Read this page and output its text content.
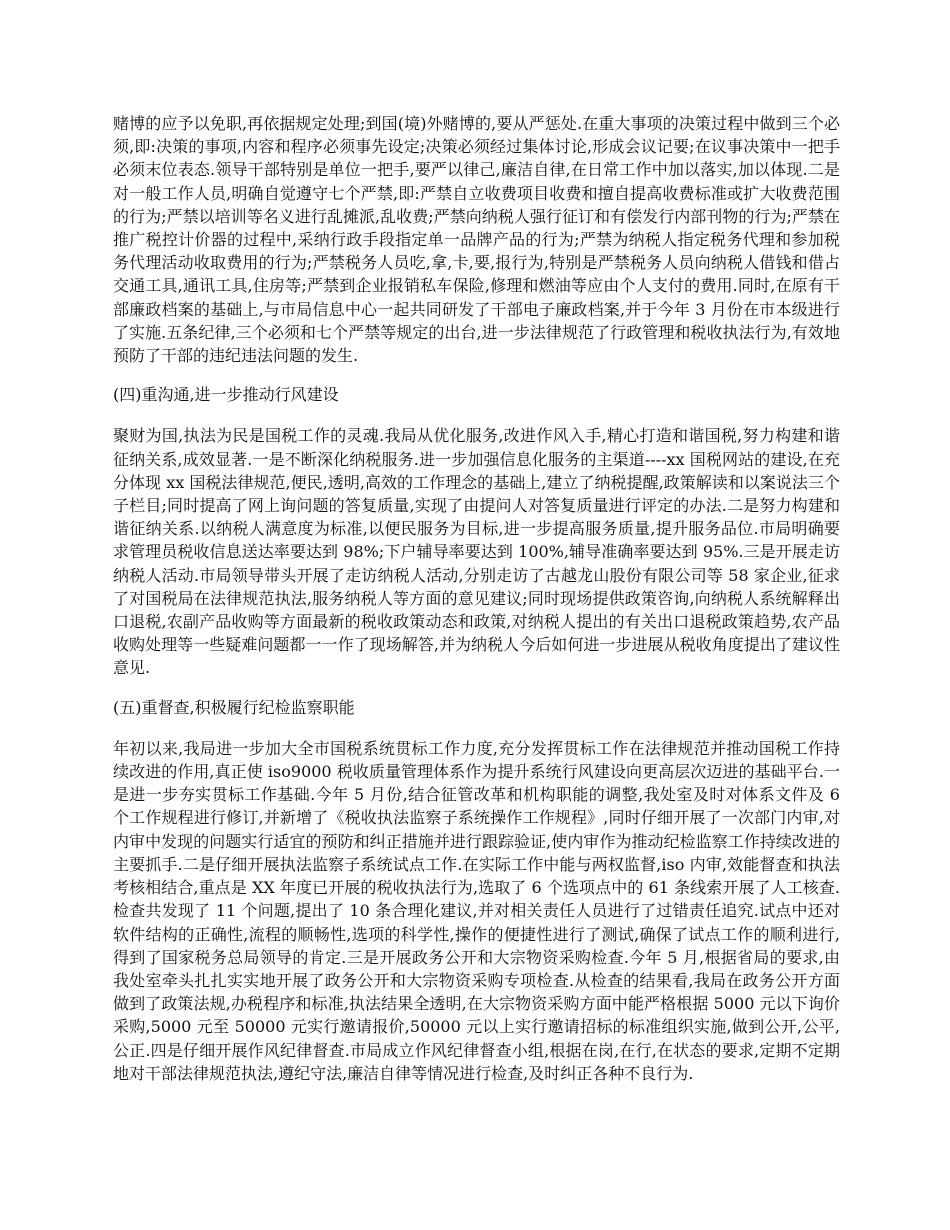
赌博的应予以免职,再依据规定处理;到国(境)外赌博的,要从严惩处.在重大事项的决策过程中做到三个必须,即:决策的事项,内容和程序必须事先设定;决策必须经过集体讨论,形成会议记要;在议事决策中一把手必须末位表态.领导干部特别是单位一把手,要严以律己,廉洁自律,在日常工作中加以落实,加以体现.二是对一般工作人员,明确自觉遵守七个严禁,即:严禁自立收费项目收费和擅自提高收费标准或扩大收费范围的行为;严禁以培训等名义进行乱摊派,乱收费;严禁向纳税人强行征订和有偿发行内部刊物的行为;严禁在推广税控计价器的过程中,采纳行政手段指定单一品牌产品的行为;严禁为纳税人指定税务代理和参加税务代理活动收取费用的行为;严禁税务人员吃,拿,卡,要,报行为,特别是严禁税务人员向纳税人借钱和借占交通工具,通讯工具,住房等;严禁到企业报销私车保险,修理和燃油等应由个人支付的费用.同时,在原有干部廉政档案的基础上,与市局信息中心一起共同研发了干部电子廉政档案,并于今年 3 月份在市本级进行了实施.五条纪律,三个必须和七个严禁等规定的出台,进一步法律规范了行政管理和税收执法行为,有效地预防了干部的违纪违法问题的发生.

(四)重沟通,进一步推动行风建设

聚财为国,执法为民是国税工作的灵魂.我局从优化服务,改进作风入手,精心打造和谐国税,努力构建和谐征纳关系,成效显著.一是不断深化纳税服务.进一步加强信息化服务的主渠道----xx 国税网站的建设,在充分体现 xx 国税法律规范,便民,透明,高效的工作理念的基础上,建立了纳税提醒,政策解读和以案说法三个子栏目;同时提高了网上询问题的答复质量,实现了由提问人对答复质量进行评定的办法.二是努力构建和谐征纳关系.以纳税人满意度为标准,以便民服务为目标,进一步提高服务质量,提升服务品位.市局明确要求管理员税收信息送达率要达到 98%;下户辅导率要达到 100%,辅导准确率要达到 95%.三是开展走访纳税人活动.市局领导带头开展了走访纳税人活动,分别走访了古越龙山股份有限公司等 58 家企业,征求了对国税局在法律规范执法,服务纳税人等方面的意见建议;同时现场提供政策咨询,向纳税人系统解释出口退税,农副产品收购等方面最新的税收政策动态和政策,对纳税人提出的有关出口退税政策趋势,农产品收购处理等一些疑难问题都一一作了现场解答,并为纳税人今后如何进一步进展从税收角度提出了建议性意见.

(五)重督查,积极履行纪检监察职能

年初以来,我局进一步加大全市国税系统贯标工作力度,充分发挥贯标工作在法律规范并推动国税工作持续改进的作用,真正使 iso9000 税收质量管理体系作为提升系统行风建设向更高层次迈进的基础平台.一是进一步夯实贯标工作基础.今年 5 月份,结合征管改革和机构职能的调整,我处室及时对体系文件及 6 个工作规程进行修订,并新增了《税收执法监察子系统操作工作规程》,同时仔细开展了一次部门内审,对内审中发现的问题实行适宜的预防和纠正措施并进行跟踪验证,使内审作为推动纪检监察工作持续改进的主要抓手.二是仔细开展执法监察子系统试点工作.在实际工作中能与两权监督,iso 内审,效能督查和执法考核相结合,重点是 XX 年度已开展的税收执法行为,选取了 6 个选项点中的 61 条线索开展了人工核查.检查共发现了 11 个问题,提出了 10 条合理化建议,并对相关责任人员进行了过错责任追究.试点中还对软件结构的正确性,流程的顺畅性,选项的科学性,操作的便捷性进行了测试,确保了试点工作的顺利进行,得到了国家税务总局领导的肯定.三是开展政务公开和大宗物资采购检查.今年 5 月,根据省局的要求,由我处室牵头扎扎实实地开展了政务公开和大宗物资采购专项检查.从检查的结果看,我局在政务公开方面做到了政策法规,办税程序和标准,执法结果全透明,在大宗物资采购方面中能严格根据 5000 元以下询价采购,5000 元至 50000 元实行邀请报价,50000 元以上实行邀请招标的标准组织实施,做到公开,公平,公正.四是仔细开展作风纪律督查.市局成立作风纪律督查小组,根据在岗,在行,在状态的要求,定期不定期地对干部法律规范执法,遵纪守法,廉洁自律等情况进行检查,及时纠正各种不良行为.
